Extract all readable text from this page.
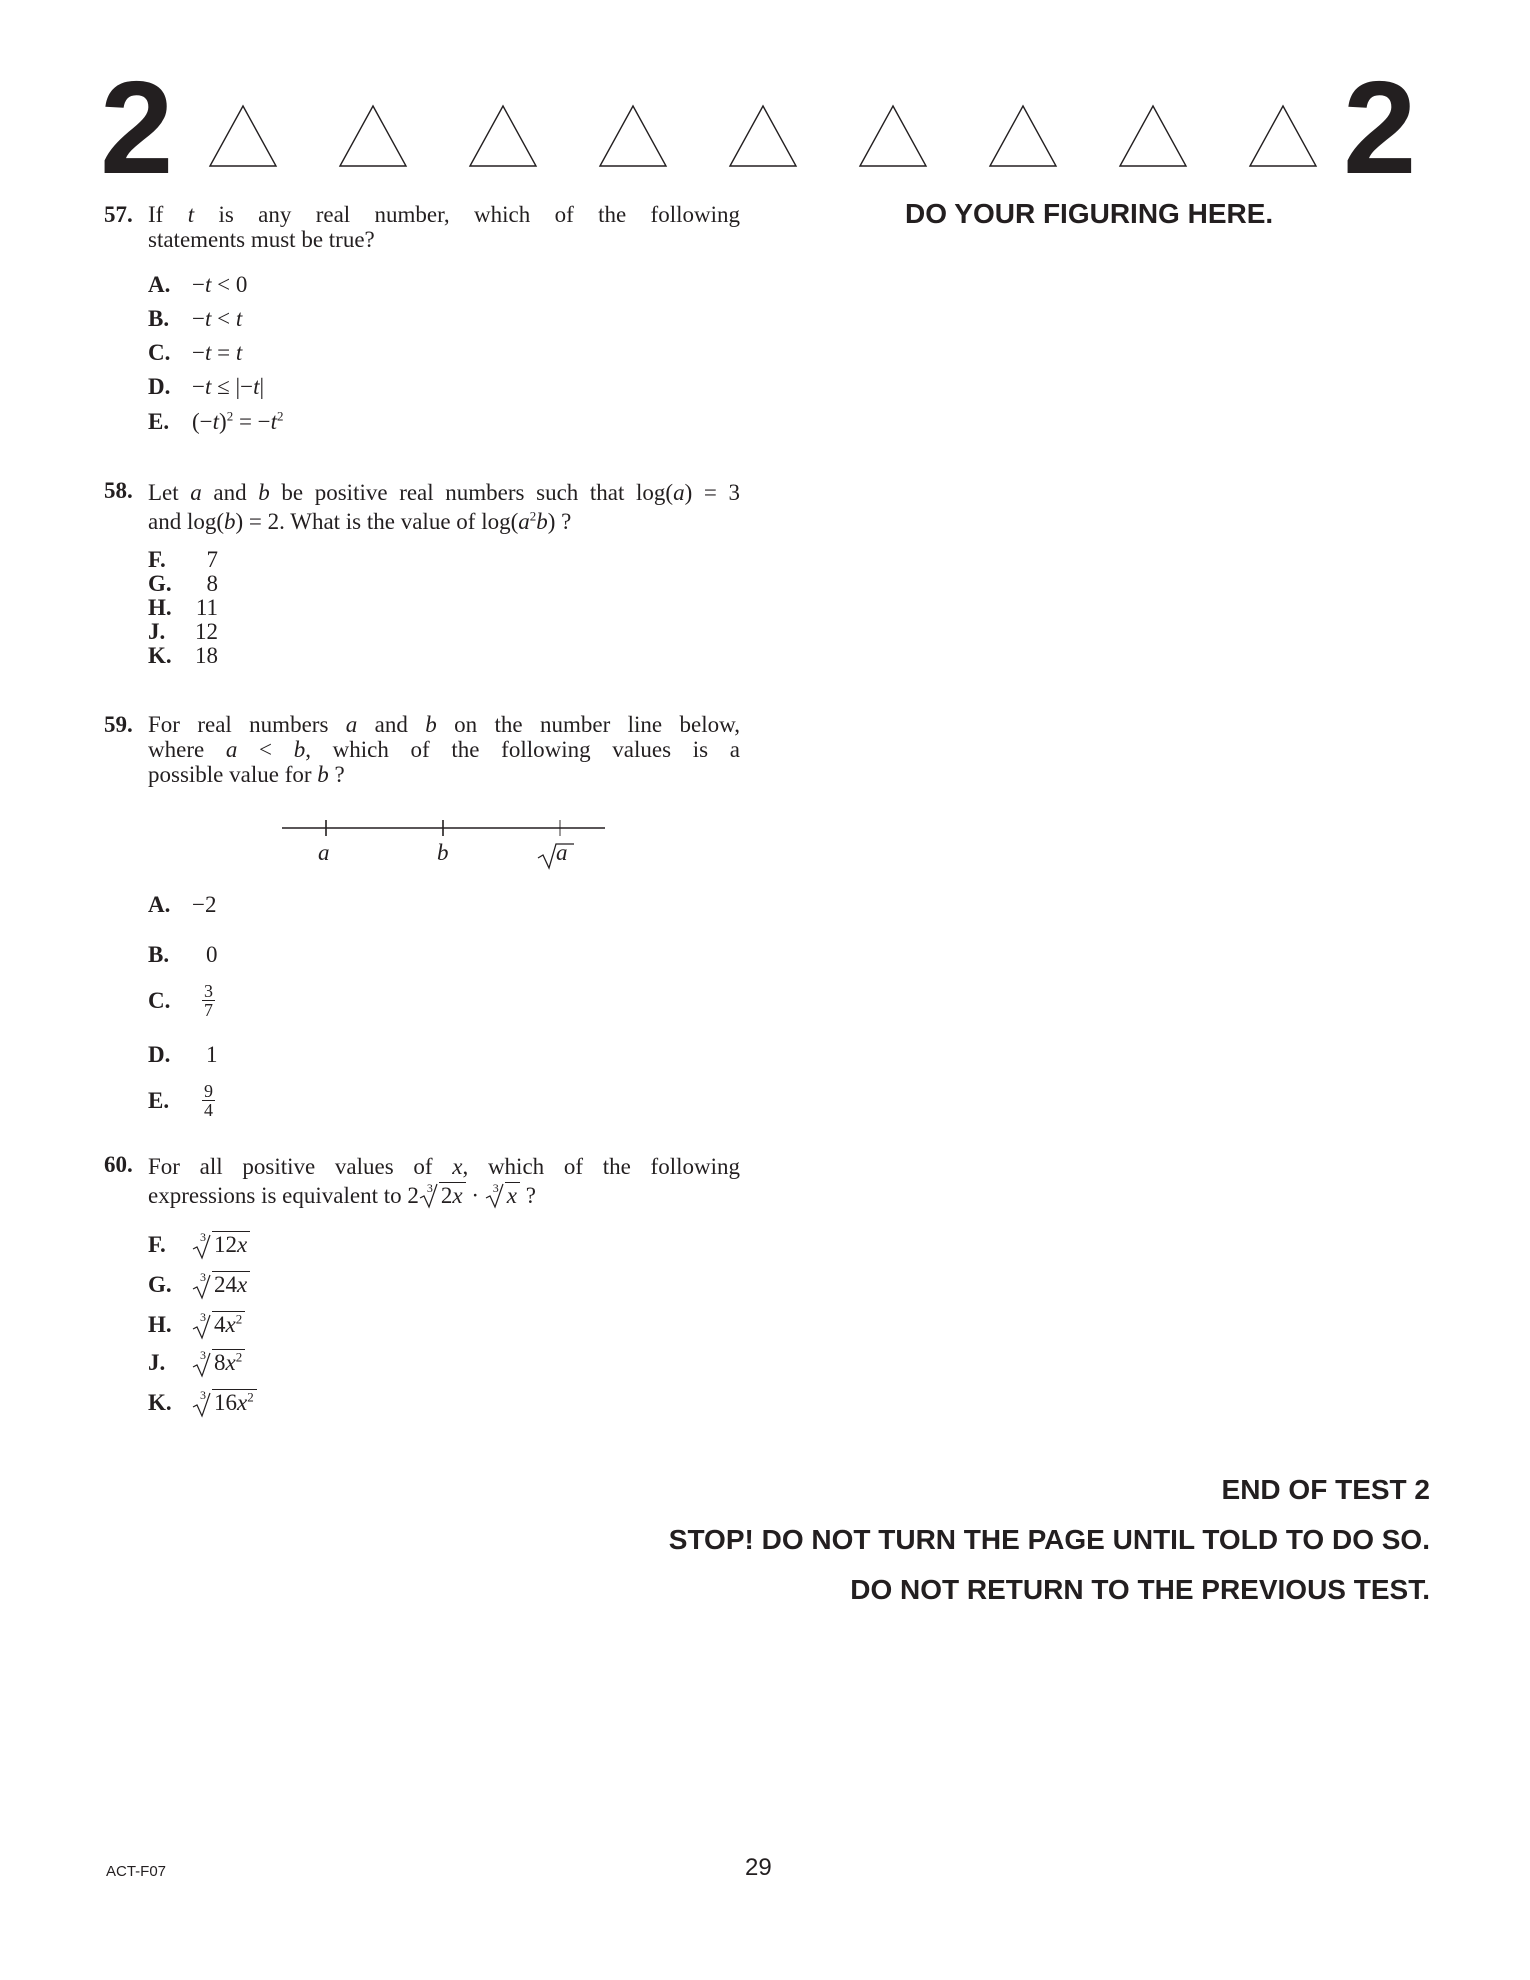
2	2
DO YOUR FIGURING HERE.
57. If t is any real number, which of the following
statements must be true?
A. −t < 0
B. −t < t
C. −t = t
D. −t ≤ |−t|
E. $(-t)^2 = -t^2$
58. Let a and b be positive real numbers such that log(a) = 3
and log(b) = 2. What is the value of $\log(a^2b)$ ?
F. 7
G. 8
H. 11
J. 12
K. 18
59. For real numbers a and b on the number line below,
where a < b, which of the following values is a
possible value for b ?
a	b	a
A. −2
B. 0
C. $\frac{3}{7}$
D. 1
E. $\frac{9}{4}$
60. For all positive values of x, which of the following
expressions is equivalent to 2 3 2x · 3 x ?
F.	3 12x
G. 3 24x
H. 3 $4x^2$
J.	3 $8x^2$
K. 3 $16x^2$
END OF TEST 2
STOP! DO NOT TURN THE PAGE UNTIL TOLD TO DO SO.
DO NOT RETURN TO THE PREVIOUS TEST.
ACT-F07	29
